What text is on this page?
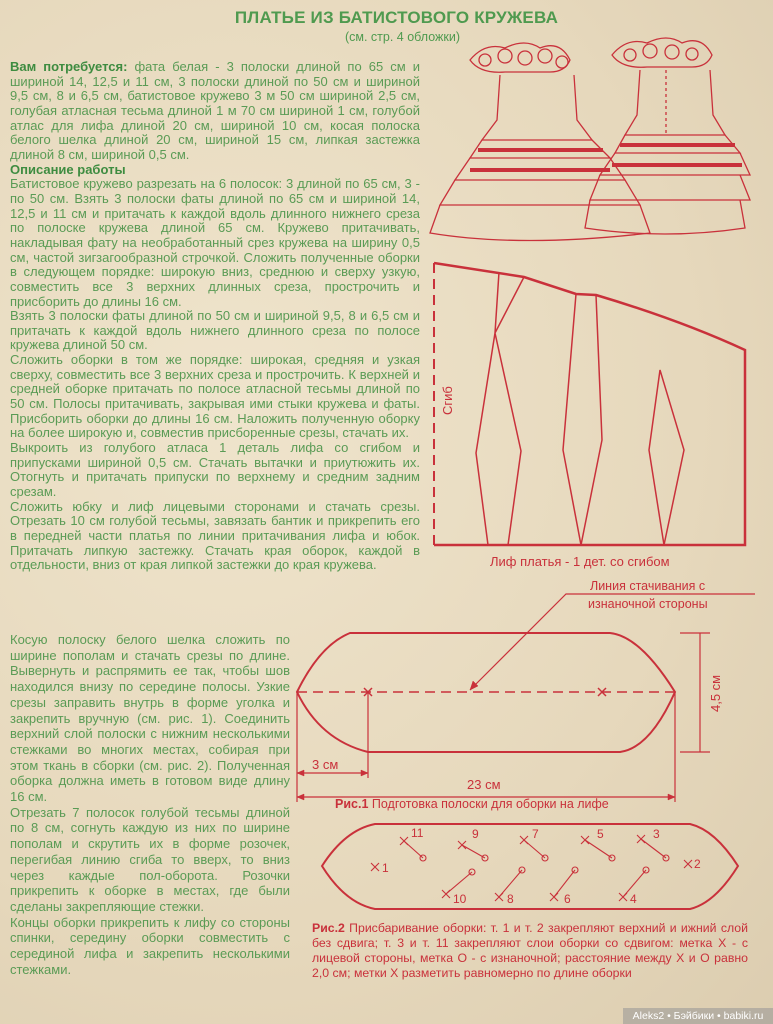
ПЛАТЬЕ ИЗ БАТИСТОВОГО КРУЖЕВА
(см. стр. 4 обложки)

Вам потребуется: фата белая - 3 полоски длиной по 65 см и шириной 14, 12,5 и 11 см, 3 полоски длиной по 50 см и шириной 9,5 см, 8 и 6,5 см, батистовое кружево 3 м 50 см шириной 2,5 см, голубая атласная тесьма длиной 1 м 70 см шириной 1 см, голубой атлас для лифа длиной 20 см, шириной 10 см, косая полоска белого шелка длиной 20 см, шириной 15 см, липкая застежка длиной 8 см, шириной 0,5 см.

Описание работы

Батистовое кружево разрезать на 6 полосок: 3 длиной по 65 см, 3 - по 50 см. Взять 3 полоски фаты длиной по 65 см и шириной 14, 12,5 и 11 см и притачать к каждой вдоль длинного нижнего среза по полоске кружева длиной 65 см. Кружево притачивать, накладывая фату на необработанный срез кружева на ширину 0,5 см, частой зигзагообразной строчкой. Сложить полученные оборки в следующем порядке: широкую вниз, среднюю и сверху узкую, совместить все 3 верхних длинных среза, прострочить и присборить до длины 16 см.

Взять 3 полоски фаты длиной по 50 см и шириной 9,5, 8 и 6,5 см и притачать к каждой вдоль нижнего длинного среза по полосе кружева длиной 50 см.

Сложить оборки в том же порядке: широкая, средняя и узкая сверху, совместить все 3 верхних среза и прострочить. К верхней и средней оборке притачать по полосе атласной тесьмы длиной по 50 см. Полосы притачивать, закрывая ими стыки кружева и фаты. Присборить оборки до длины 16 см. Наложить полученную оборку на более широкую и, совместив присборенные срезы, стачать их.

Выкроить из голубого атласа 1 деталь лифа со сгибом и припусками шириной 0,5 см. Стачать вытачки и приутюжить их. Отогнуть и притачать припуски по верхнему и средним задним срезам.

Сложить юбку и лиф лицевыми сторонами и стачать срезы. Отрезать 10 см голубой тесьмы, завязать бантик и прикрепить его в передней части платья по линии притачивания лифа и юбок. Притачать липкую застежку. Стачать края оборок, каждой в отдельности, вниз от края липкой застежки до края кружева.

Косую полоску белого шелка сложить по ширине пополам и стачать срезы по длине. Вывернуть и распрямить ее так, чтобы шов находился внизу по середине полосы. Узкие срезы заправить внутрь в форме уголка и закрепить вручную (см. рис. 1). Соединить верхний слой полоски с нижним несколькими стежками во многих местах, собирая при этом ткань в сборки (см. рис. 2). Полученная оборка должна иметь в готовом виде длину 16 см.

Отрезать 7 полосок голубой тесьмы длиной по 8 см, согнуть каждую из них по ширине пополам и скрутить их в форме розочек, перегибая линию сгиба то вверх, то вниз через каждые пол-оборота. Розочки прикрепить к оборке в местах, где были сделаны закрепляющие стежки.

Концы оборки прикрепить к лифу со стороны спинки, середину оборки совместить с серединой лифа и закрепить несколькими стежками.

Сгиб
Лиф платья - 1 дет. со сгибом
Линия стачивания с
изнаночной стороны
4,5 см
3 см
23 см
Рис.1 Подготовка полоски для оборки на лифе
1	2
3
4
5
6
7
8
9
10
11
Рис.2 Присбаривание оборки: т. 1 и т. 2 закрепляют верхний и ижний слой без сдвига; т. 3 и т. 11 закрепляют слои оборки со сдвигом: метка Х - с лицевой стороны, метка О - с изнаночной; расстояние между Х и О равно 2,0 см; метки Х разметить равномерно по длине оборки
Aleks2 • Бэйбики • babiki.ru
